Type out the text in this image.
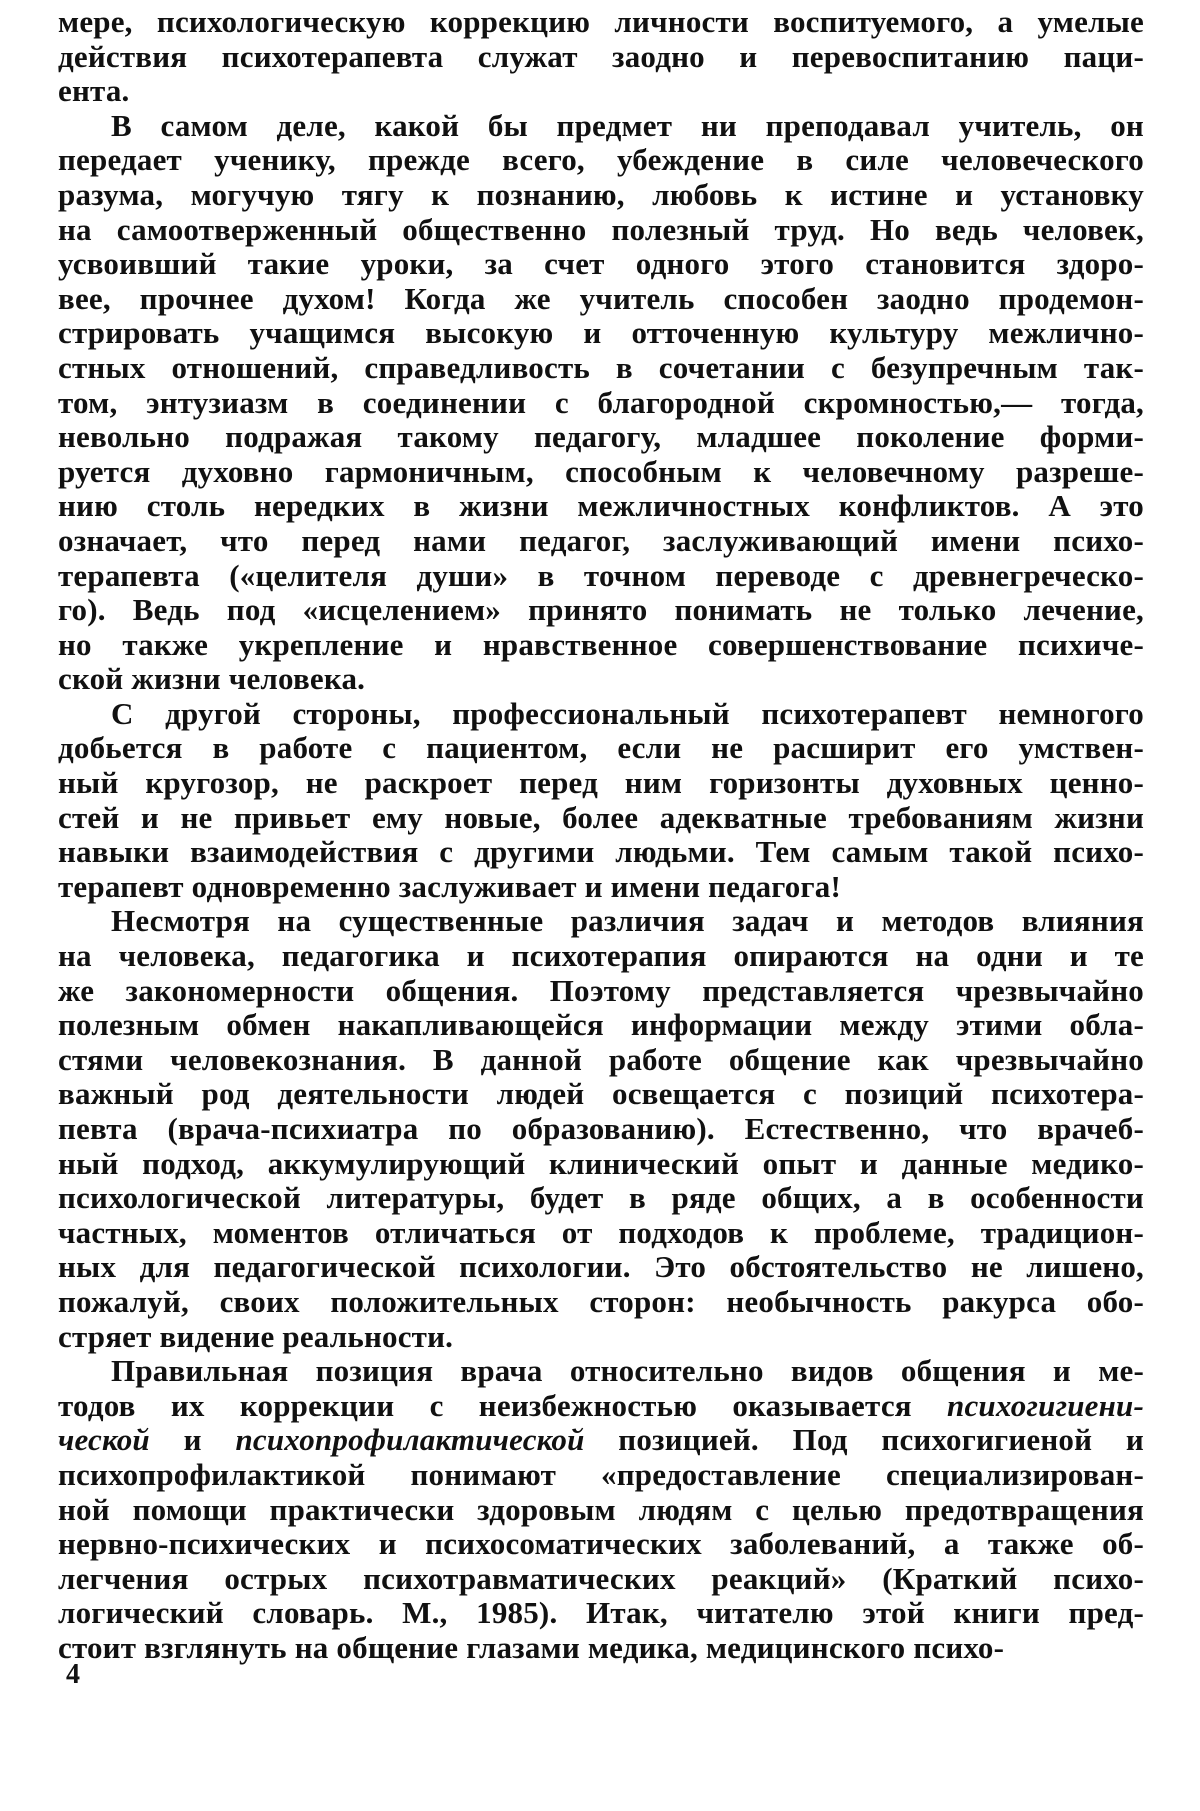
мере, психологическую коррекцию личности воспитуемого, а умелые
действия психотерапевта служат заодно и перевоспитанию паци-
ента.
В самом деле, какой бы предмет ни преподавал учитель, он
передает ученику, прежде всего, убеждение в силе человеческого
разума, могучую тягу к познанию, любовь к истине и установку
на самоотверженный общественно полезный труд. Но ведь человек,
усвоивший такие уроки, за счет одного этого становится здоро-
вее, прочнее духом! Когда же учитель способен заодно продемон-
стрировать учащимся высокую и отточенную культуру межлично-
стных отношений, справедливость в сочетании с безупречным так-
том, энтузиазм в соединении с благородной скромностью,— тогда,
невольно подражая такому педагогу, младшее поколение форми-
руется духовно гармоничным, способным к человечному разреше-
нию столь нередких в жизни межличностных конфликтов. А это
означает, что перед нами педагог, заслуживающий имени психо-
терапевта («целителя души» в точном переводе с древнегреческо-
го). Ведь под «исцелением» принято понимать не только лечение,
но также укрепление и нравственное совершенствование психиче-
ской жизни человека.
С другой стороны, профессиональный психотерапевт немногого
добьется в работе с пациентом, если не расширит его умствен-
ный кругозор, не раскроет перед ним горизонты духовных ценно-
стей и не привьет ему новые, более адекватные требованиям жизни
навыки взаимодействия с другими людьми. Тем самым такой психо-
терапевт одновременно заслуживает и имени педагога!
Несмотря на существенные различия задач и методов влияния
на человека, педагогика и психотерапия опираются на одни и те
же закономерности общения. Поэтому представляется чрезвычайно
полезным обмен накапливающейся информации между этими обла-
стями человекознания. В данной работе общение как чрезвычайно
важный род деятельности людей освещается с позиций психотера-
певта (врача-психиатра по образованию). Естественно, что врачеб-
ный подход, аккумулирующий клинический опыт и данные медико-
психологической литературы, будет в ряде общих, а в особенности
частных, моментов отличаться от подходов к проблеме, традицион-
ных для педагогической психологии. Это обстоятельство не лишено,
пожалуй, своих положительных сторон: необычность ракурса обо-
стряет видение реальности.
Правильная позиция врача относительно видов общения и ме-
тодов их коррекции с неизбежностью оказывается психогигиени-
ческой и психопрофилактической позицией. Под психогигиеной и
психопрофилактикой понимают «предоставление специализирован-
ной помощи практически здоровым людям с целью предотвращения
нервно-психических и психосоматических заболеваний, а также об-
легчения острых психотравматических реакций» (Краткий психо-
логический словарь. М., 1985). Итак, читателю этой книги пред-
стоит взглянуть на общение глазами медика, медицинского психо-
4
